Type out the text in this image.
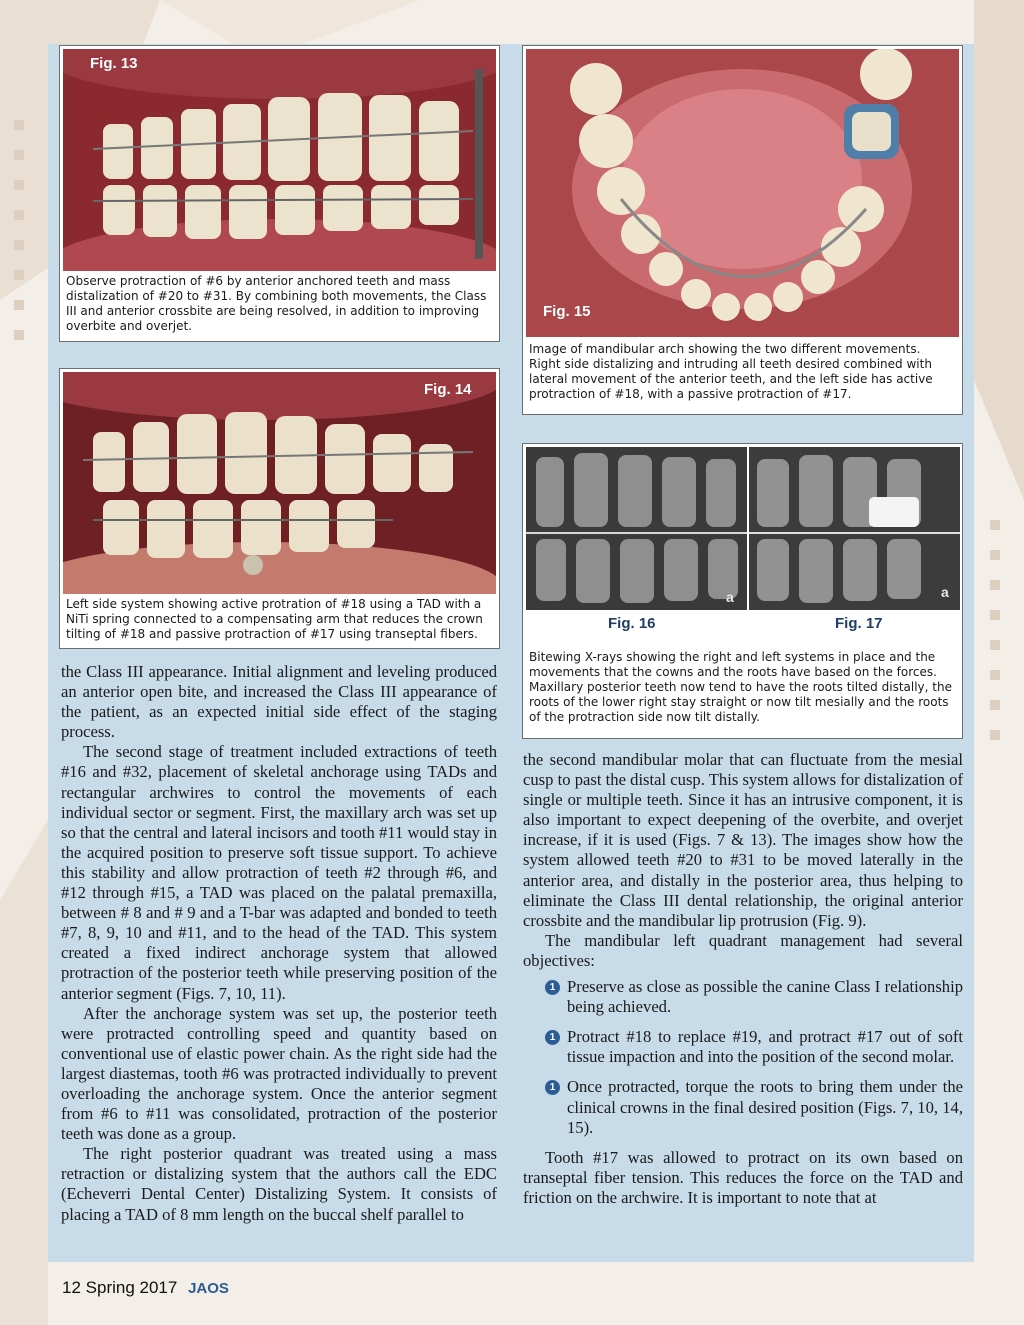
Fig. 13
Observe protraction of #6 by anterior anchored teeth and mass distalization of #20 to #31. By combining both movements, the Class III and anterior crossbite are being resolved, in addition to improving overbite and overjet.
Fig. 15
Image of mandibular arch showing the two different movements. Right side distalizing and intruding all teeth desired combined with lateral movement of the anterior teeth, and the left side has active protraction of #18, with a passive protraction of #17.
Fig. 14
Left side system showing active protration of #18 using a TAD with a NiTi spring connected to a compensating arm that reduces the crown tilting of #18 and passive protraction of #17 using transeptal fibers.
a	a
Fig. 16	Fig. 17
Bitewing X-rays showing the right and left systems in place and the movements that the cowns and the roots have based on the forces. Maxillary posterior teeth now tend to have the roots tilted distally, the roots of the lower right stay straight or now tilt mesially and the roots of the protraction side now tilt distally.

the Class III appearance. Initial alignment and leveling produced an anterior open bite, and increased the Class III appearance of the patient, as an expected initial side effect of the staging process.

The second stage of treatment included extractions of teeth #16 and #32, placement of skeletal anchorage using TADs and rectangular archwires to control the movements of each individual sector or segment. First, the maxillary arch was set up so that the central and lateral incisors and tooth #11 would stay in the acquired position to preserve soft tissue support. To achieve this stability and allow protraction of teeth #2 through #6, and #12 through #15, a TAD was placed on the palatal premaxilla, between # 8 and # 9 and a T-bar was adapted and bonded to teeth #7, 8, 9, 10 and #11, and to the head of the TAD. This system created a fixed indirect anchorage system that allowed protraction of the posterior teeth while preserving position of the anterior segment (Figs. 7, 10, 11).

After the anchorage system was set up, the posterior teeth were protracted controlling speed and quantity based on conventional use of elastic power chain. As the right side had the largest diastemas, tooth #6 was protracted individually to prevent overloading the anchorage system. Once the anterior segment from #6 to #11 was consolidated, protraction of the posterior teeth was done as a group.

The right posterior quadrant was treated using a mass retraction or distalizing system that the authors call the EDC (Echeverri Dental Center) Distalizing System. It consists of placing a TAD of 8 mm length on the buccal shelf parallel to

the second mandibular molar that can fluctuate from the mesial cusp to past the distal cusp. This system allows for distalization of single or multiple teeth. Since it has an intrusive component, it is also important to expect deepening of the overbite, and overjet increase, if it is used (Figs. 7 & 13). The images show how the system allowed teeth #20 to #31 to be moved laterally in the anterior area, and distally in the posterior area, thus helping to eliminate the Class III dental relationship, the original anterior crossbite and the mandibular lip protrusion (Fig. 9).

The mandibular left quadrant management had several objectives:

1 Preserve as close as possible the canine Class I relationship being achieved.
1 Protract #18 to replace #19, and protract #17 out of soft tissue impaction and into the position of the second molar.
1 Once protracted, torque the roots to bring them under the clinical crowns in the final desired position (Figs. 7, 10, 14, 15).

Tooth #17 was allowed to protract on its own based on transeptal fiber tension. This reduces the force on the TAD and friction on the archwire. It is important to note that at

12 Spring 2017 JAOS
